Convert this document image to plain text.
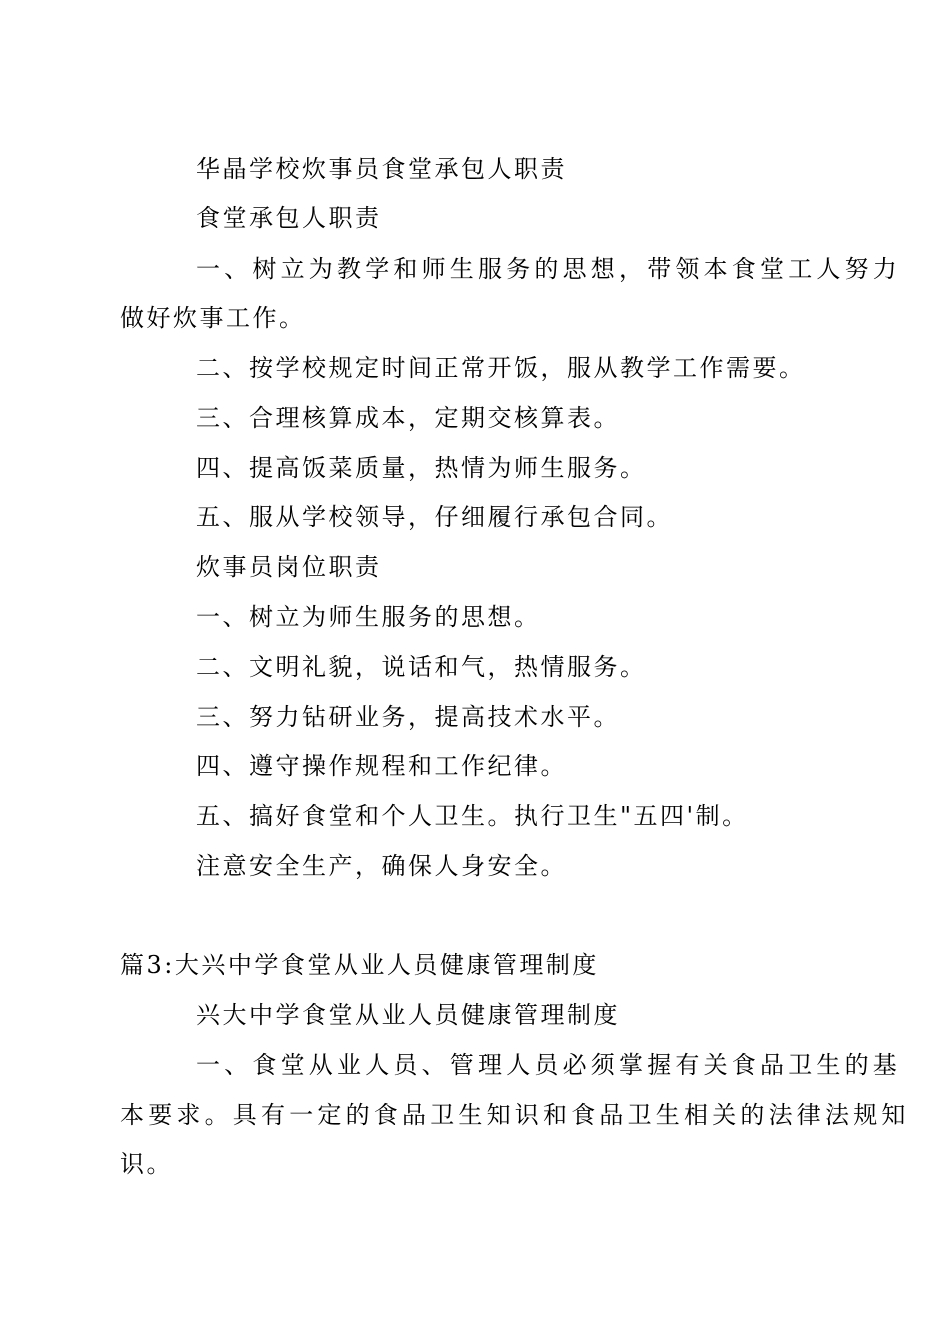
华晶学校炊事员食堂承包人职责
食堂承包人职责
一、树立为教学和师生服务的思想，带领本食堂工人努力
做好炊事工作。
二、按学校规定时间正常开饭，服从教学工作需要。
三、合理核算成本，定期交核算表。
四、提高饭菜质量，热情为师生服务。
五、服从学校领导，仔细履行承包合同。
炊事员岗位职责
一、树立为师生服务的思想。
二、文明礼貌，说话和气，热情服务。
三、努力钻研业务，提高技术水平。
四、遵守操作规程和工作纪律。
五、搞好食堂和个人卫生。执行卫生"五四'制。
注意安全生产，确保人身安全。
篇3:大兴中学食堂从业人员健康管理制度
兴大中学食堂从业人员健康管理制度
一、食堂从业人员、管理人员必须掌握有关食品卫生的基
本要求。具有一定的食品卫生知识和食品卫生相关的法律法规知
识。
